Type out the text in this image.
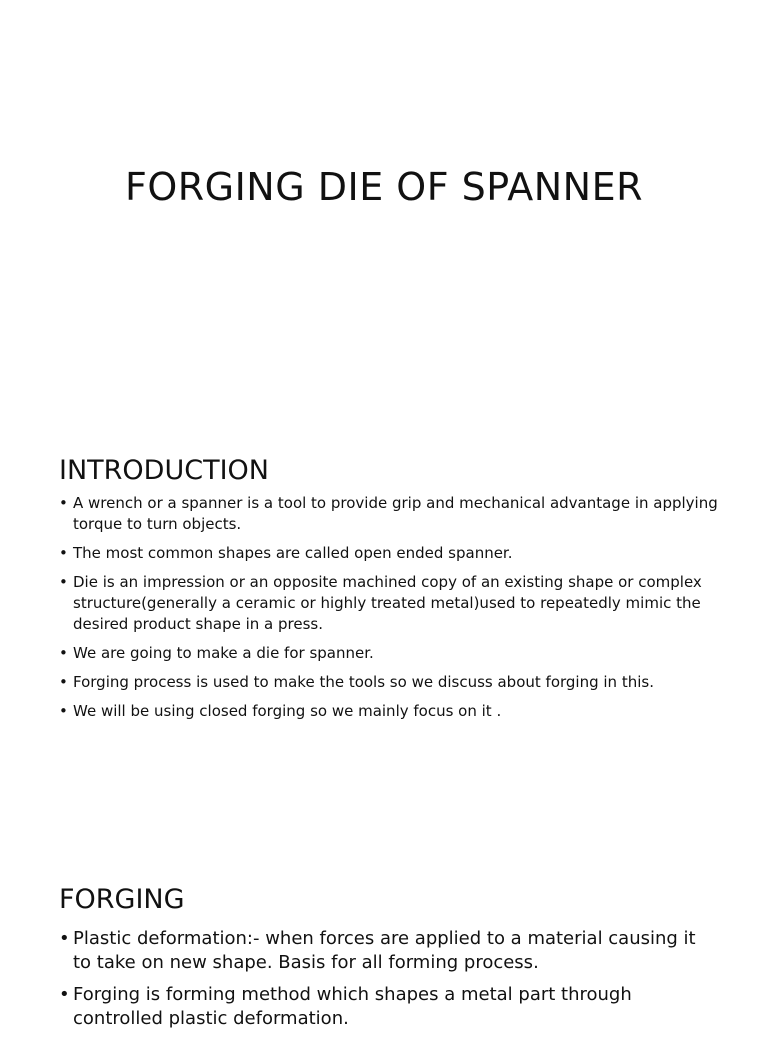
FORGING DIE OF SPANNER
INTRODUCTION
• A wrench or a spanner is a tool to provide grip and mechanical advantage in applying torque to turn objects.
• The most common shapes are called open ended spanner.
• Die is an impression or an opposite machined copy of an existing shape or complex structure(generally a ceramic or highly treated metal)used to repeatedly mimic the desired product shape in a press.
• We are going to make a die for spanner.
• Forging process is used to make the tools so we discuss about forging in this.
• We will be using closed forging so we mainly focus on it .
FORGING
• Plastic deformation:- when forces are applied to a material causing it to take on new shape. Basis for all forming process.
• Forging is forming method which shapes a metal part through controlled plastic deformation.
